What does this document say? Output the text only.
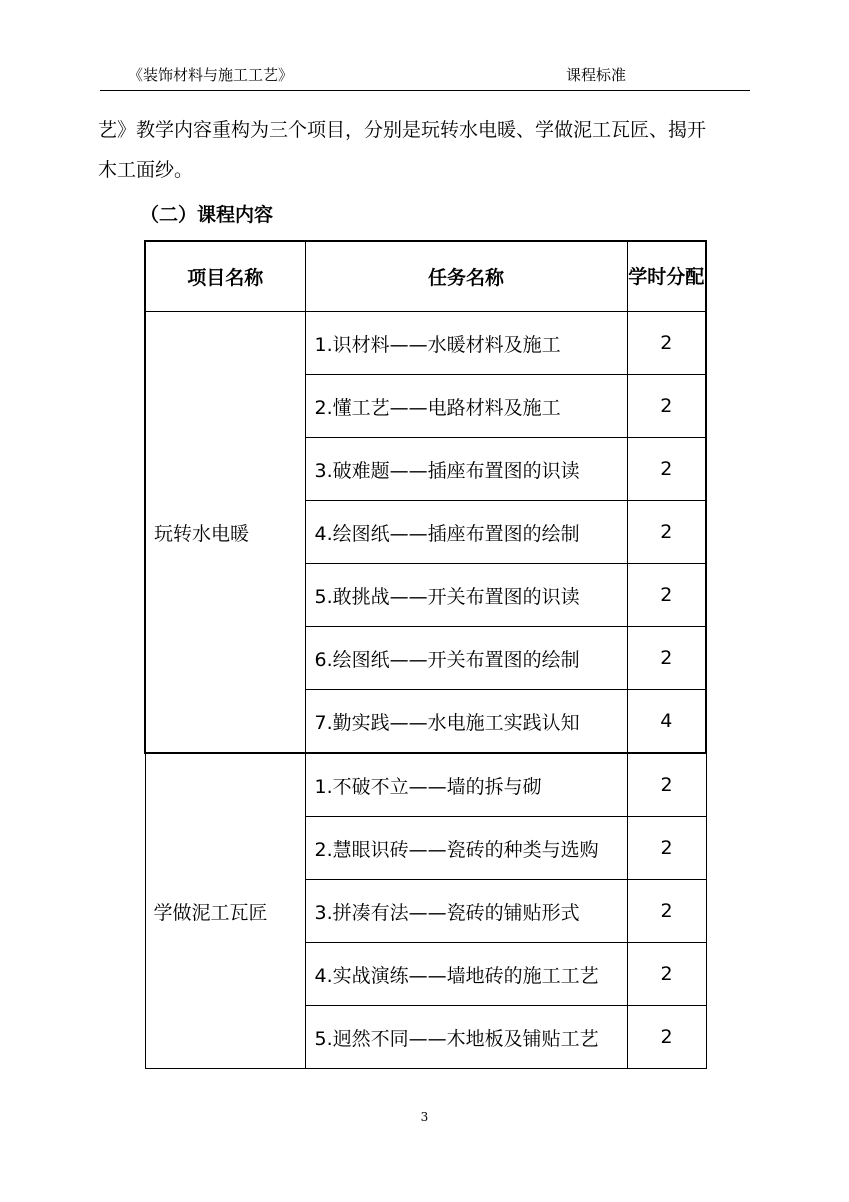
《装饰材料与施工工艺》	课程标准
艺》教学内容重构为三个项目，分别是玩转水电暖、学做泥工瓦匠、揭开
木工面纱。
（二）课程内容
项目名称	任务名称	学时分配
玩转水电暖	1.识材料——水暖材料及施工	2
	2.懂工艺——电路材料及施工	2
	3.破难题——插座布置图的识读	2
	4.绘图纸——插座布置图的绘制	2
	5.敢挑战——开关布置图的识读	2
	6.绘图纸——开关布置图的绘制	2
	7.勤实践——水电施工实践认知	4
学做泥工瓦匠	1.不破不立——墙的拆与砌	2
	2.慧眼识砖——瓷砖的种类与选购	2
	3.拼凑有法——瓷砖的铺贴形式	2
	4.实战演练——墙地砖的施工工艺	2
	5.迥然不同——木地板及铺贴工艺	2
3
